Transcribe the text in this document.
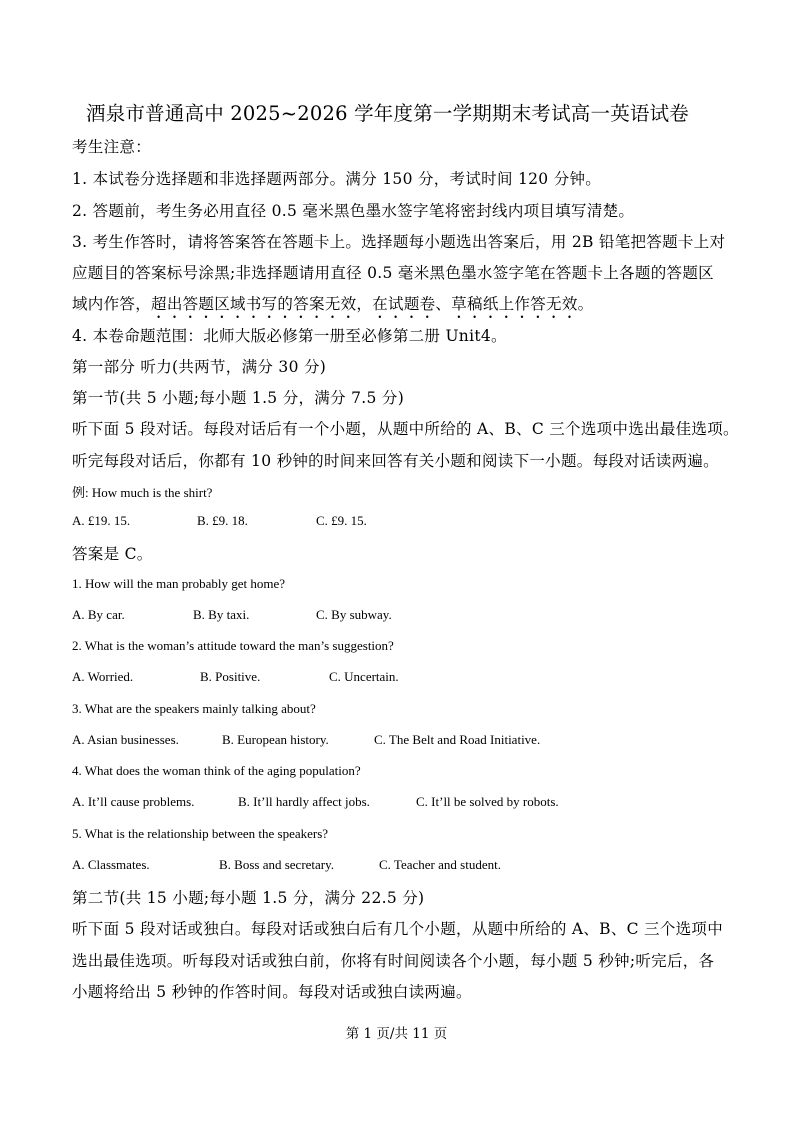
酒泉市普通高中 2025~2026 学年度第一学期期末考试高一英语试卷
考生注意：
1. 本试卷分选择题和非选择题两部分。满分 150 分，考试时间 120 分钟。
2. 答题前，考生务必用直径 0.5 毫米黑色墨水签字笔将密封线内项目填写清楚。
3. 考生作答时，请将答案答在答题卡上。选择题每小题选出答案后，用 2B 铅笔把答题卡上对
应题目的答案标号涂黑;非选择题请用直径 0.5 毫米黑色墨水签字笔在答题卡上各题的答题区
域内作答，超出答题区域书写的答案无效，在试题卷、草稿纸上作答无效。
4. 本卷命题范围：北师大版必修第一册至必修第二册 Unit4。
第一部分 听力(共两节，满分 30 分)
第一节(共 5 小题;每小题 1.5 分，满分 7.5 分)
听下面 5 段对话。每段对话后有一个小题，从题中所给的 A、B、C 三个选项中选出最佳选项。
听完每段对话后，你都有 10 秒钟的时间来回答有关小题和阅读下一小题。每段对话读两遍。
例: How much is the shirt?
A. £19. 15.	B. £9. 18.	C. £9. 15.
答案是 C。
1. How will the man probably get home?
A. By car.	B. By taxi.	C. By subway.
2. What is the woman’s attitude toward the man’s suggestion?
A. Worried.	B. Positive.	C. Uncertain.
3. What are the speakers mainly talking about?
A. Asian businesses.	B. European history.	C. The Belt and Road Initiative.
4. What does the woman think of the aging population?
A. It’ll cause problems.	B. It’ll hardly affect jobs.	C. It’ll be solved by robots.
5. What is the relationship between the speakers?
A. Classmates.	B. Boss and secretary.	C. Teacher and student.
第二节(共 15 小题;每小题 1.5 分，满分 22.5 分)
听下面 5 段对话或独白。每段对话或独白后有几个小题，从题中所给的 A、B、C 三个选项中
选出最佳选项。听每段对话或独白前，你将有时间阅读各个小题，每小题 5 秒钟;听完后，各
小题将给出 5 秒钟的作答时间。每段对话或独白读两遍。
第 1 页/共 11 页
